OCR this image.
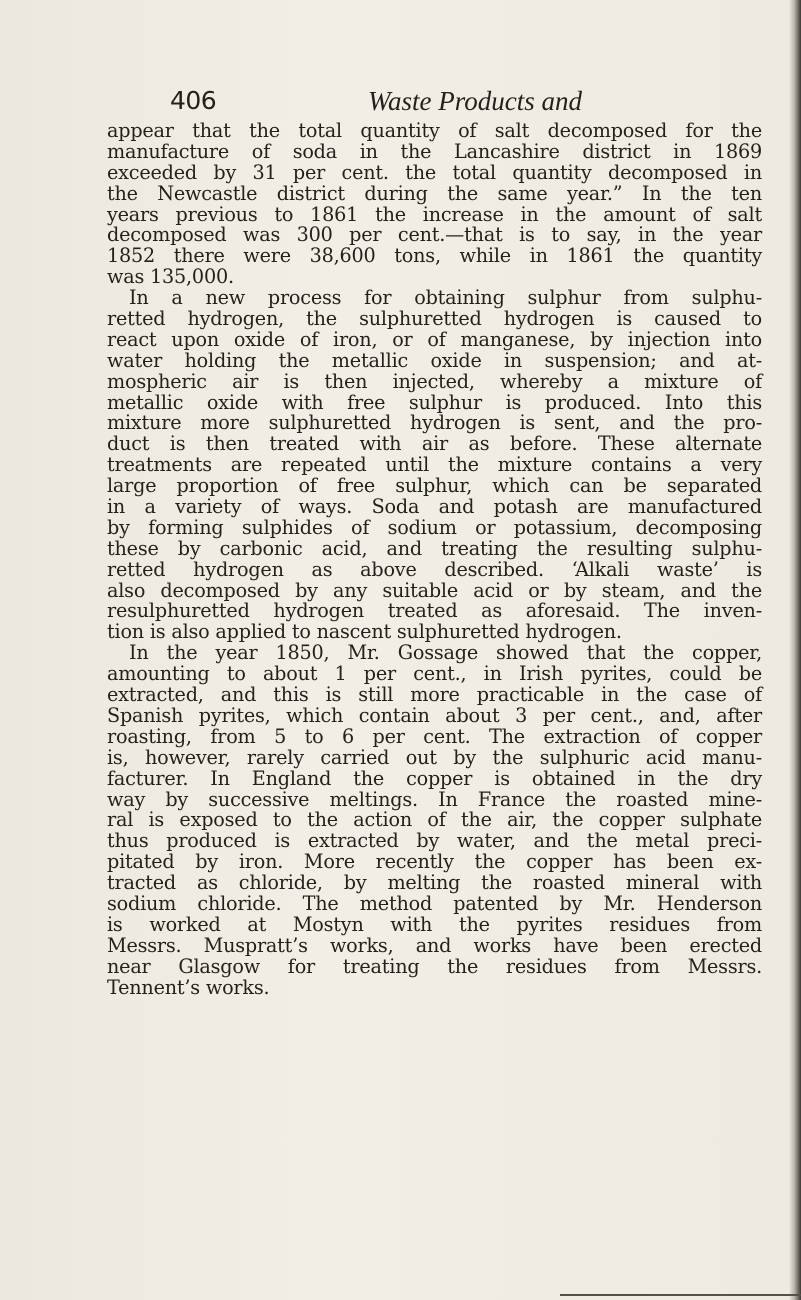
406	Waste Products and
appear that the total quantity of salt decomposed for the
manufacture of soda in the Lancashire district in 1869
exceeded by 31 per cent. the total quantity decomposed in
the Newcastle district during the same year.” In the ten
years previous to 1861 the increase in the amount of salt
decomposed was 300 per cent.—that is to say, in the year
1852 there were 38,600 tons, while in 1861 the quantity
was 135,000.
In a new process for obtaining sulphur from sulphu-
retted hydrogen, the sulphuretted hydrogen is caused to
react upon oxide of iron, or of manganese, by injection into
water holding the metallic oxide in suspension; and at-
mospheric air is then injected, whereby a mixture of
metallic oxide with free sulphur is produced. Into this
mixture more sulphuretted hydrogen is sent, and the pro-
duct is then treated with air as before. These alternate
treatments are repeated until the mixture contains a very
large proportion of free sulphur, which can be separated
in a variety of ways. Soda and potash are manufactured
by forming sulphides of sodium or potassium, decomposing
these by carbonic acid, and treating the resulting sulphu-
retted hydrogen as above described. ‘Alkali waste’ is
also decomposed by any suitable acid or by steam, and the
resulphuretted hydrogen treated as aforesaid. The inven-
tion is also applied to nascent sulphuretted hydrogen.
In the year 1850, Mr. Gossage showed that the copper,
amounting to about 1 per cent., in Irish pyrites, could be
extracted, and this is still more practicable in the case of
Spanish pyrites, which contain about 3 per cent., and, after
roasting, from 5 to 6 per cent. The extraction of copper
is, however, rarely carried out by the sulphuric acid manu-
facturer. In England the copper is obtained in the dry
way by successive meltings. In France the roasted mine-
ral is exposed to the action of the air, the copper sulphate
thus produced is extracted by water, and the metal preci-
pitated by iron. More recently the copper has been ex-
tracted as chloride, by melting the roasted mineral with
sodium chloride. The method patented by Mr. Henderson
is worked at Mostyn with the pyrites residues from
Messrs. Muspratt’s works, and works have been erected
near Glasgow for treating the residues from Messrs.
Tennent’s works.
